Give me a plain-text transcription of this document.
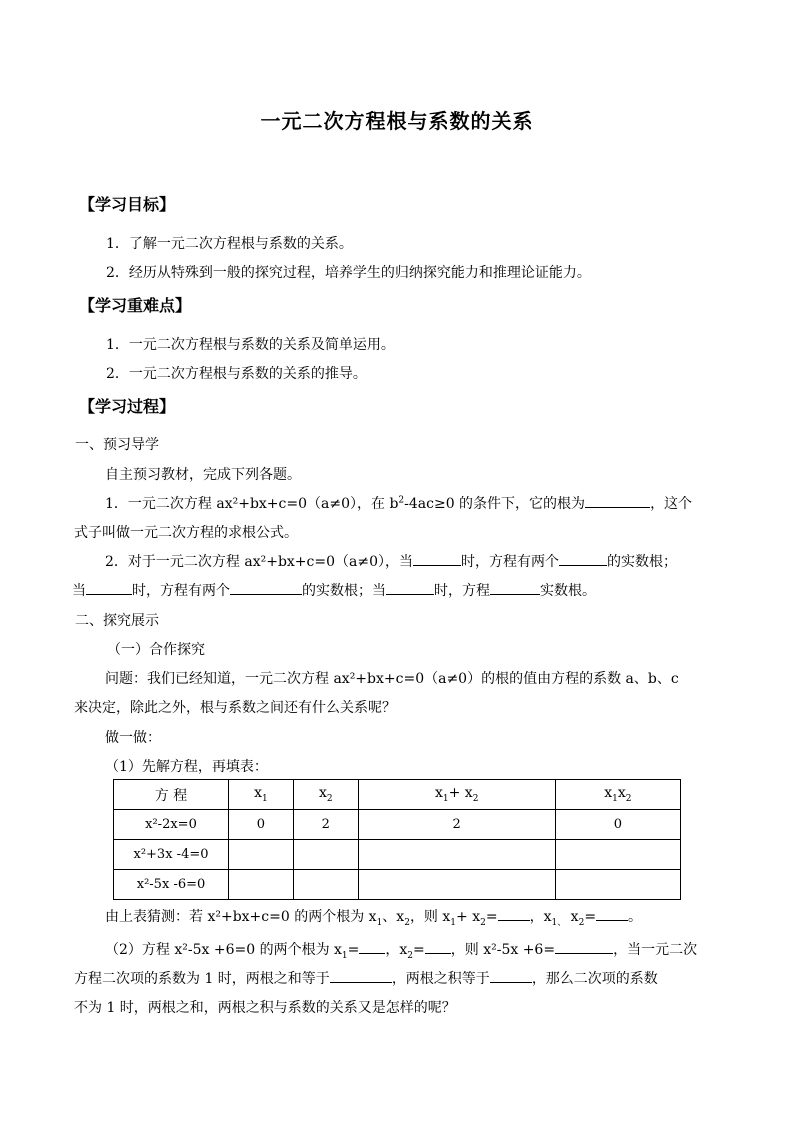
一元二次方程根与系数的关系
【学习目标】
1．了解一元二次方程根与系数的关系。
2．经历从特殊到一般的探究过程，培养学生的归纳探究能力和推理论证能力。
【学习重难点】
1．一元二次方程根与系数的关系及简单运用。
2．一元二次方程根与系数的关系的推导。
【学习过程】
一、预习导学
自主预习教材，完成下列各题。
1．一元二次方程 ax²+bx+c=0（a≠0），在 $b^2-4ac\ge 0$ 的条件下，它的根为	，这个
式子叫做一元二次方程的求根公式。
2．对于一元二次方程 ax²+bx+c=0（a≠0），当	时，方程有两个	的实数根；
当	时，方程有两个	的实数根；当	时，方程	实数根。
二、探究展示
（一）合作探究
问题：我们已经知道，一元二次方程 ax²+bx+c=0（a≠0）的根的值由方程的系数 a、b、c
来决定，除此之外，根与系数之间还有什么关系呢？
做一做：
（1）先解方程，再填表：
方 程	$x_1$	$x_2$	$x_1+ x_2$	$x_1x_2$
x²-2x=0	0	2	2	0
x²+3x -4=0				
x²-5x -6=0				
由上表猜测：若 x²+bx+c=0 的两个根为 $x_1$、$x_2$，则 $x_1+ x_2=$ ，$x_{1、}$ $x_2=$ 。
（2）方程 x²-5x +6=0 的两个根为 $x_1=$ ，$x_2=$ ，则 x²-5x +6=	，当一元二次
方程二次项的系数为 1 时，两根之和等于	，两根之积等于	，那么二次项的系数
不为 1 时，两根之和，两根之积与系数的关系又是怎样的呢？
